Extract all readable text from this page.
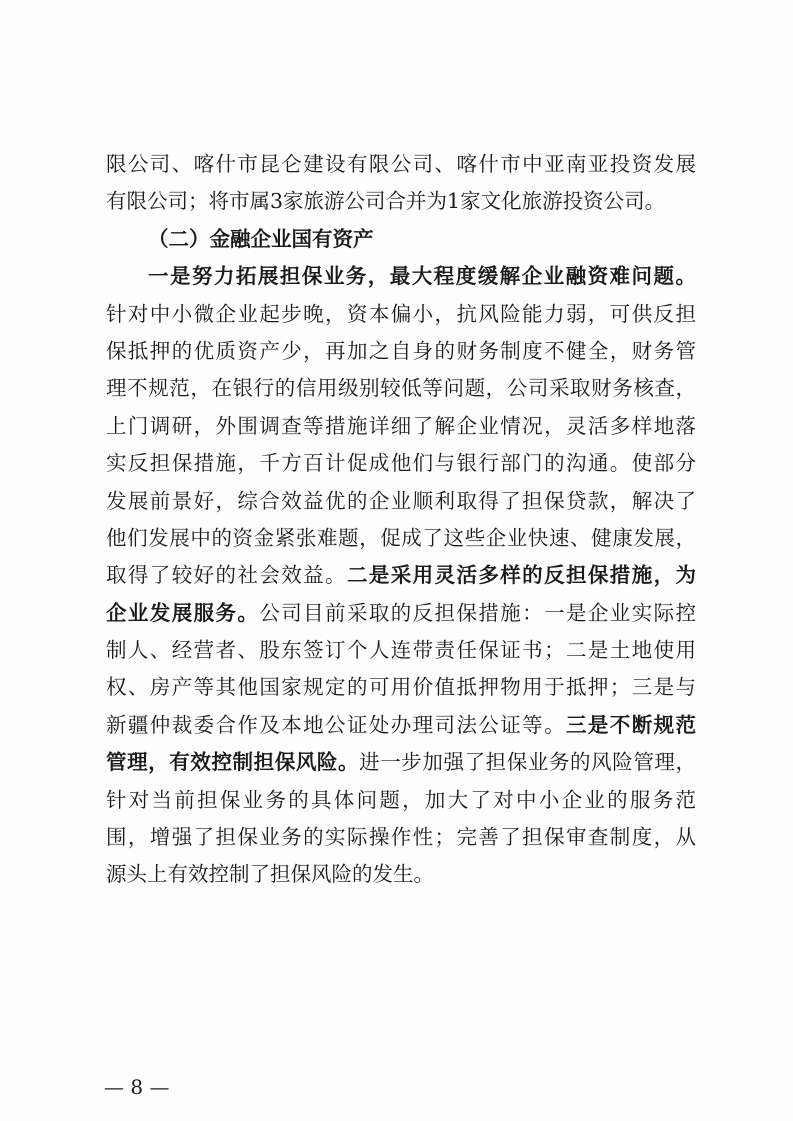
限公司、喀什市昆仑建设有限公司、喀什市中亚南亚投资发展
有限公司；将市属3家旅游公司合并为1家文化旅游投资公司。
（二）金融企业国有资产
一是努力拓展担保业务，最大程度缓解企业融资难问题。
针对中小微企业起步晚，资本偏小，抗风险能力弱，可供反担
保抵押的优质资产少，再加之自身的财务制度不健全，财务管
理不规范，在银行的信用级别较低等问题，公司采取财务核查，
上门调研，外围调查等措施详细了解企业情况，灵活多样地落
实反担保措施，千方百计促成他们与银行部门的沟通。使部分
发展前景好，综合效益优的企业顺利取得了担保贷款，解决了
他们发展中的资金紧张难题，促成了这些企业快速、健康发展，
取得了较好的社会效益。二是采用灵活多样的反担保措施，为
企业发展服务。公司目前采取的反担保措施：一是企业实际控
制人、经营者、股东签订个人连带责任保证书；二是土地使用
权、房产等其他国家规定的可用价值抵押物用于抵押；三是与
新疆仲裁委合作及本地公证处办理司法公证等。三是不断规范
管理，有效控制担保风险。进一步加强了担保业务的风险管理，
针对当前担保业务的具体问题，加大了对中小企业的服务范
围，增强了担保业务的实际操作性；完善了担保审查制度，从
源头上有效控制了担保风险的发生。
— 8 —
